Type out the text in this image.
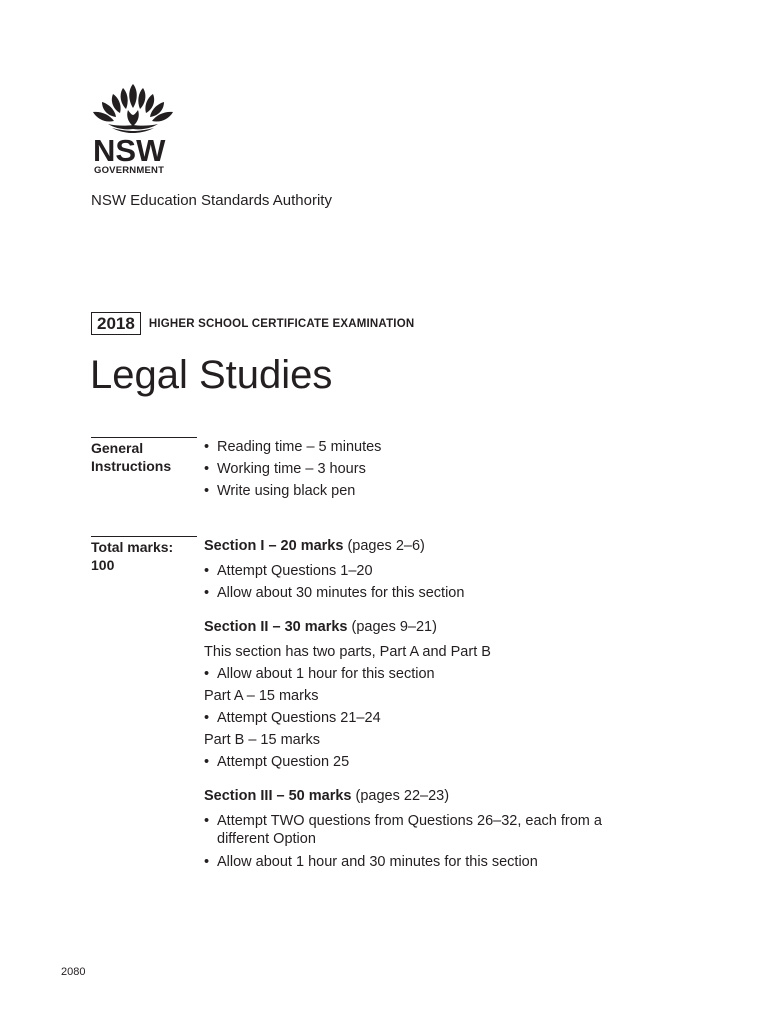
NSW
GOVERNMENT
NSW Education Standards Authority
2018	HIGHER SCHOOL CERTIFICATE EXAMINATION
Legal Studies
General
Instructions
• Reading time – 5 minutes
• Working time – 3 hours
• Write using black pen
Total marks:
100
Section I – 20 marks (pages 2–6)
• Attempt Questions 1–20
• Allow about 30 minutes for this section
Section II – 30 marks (pages 9–21)
This section has two parts, Part A and Part B
• Allow about 1 hour for this section
Part A – 15 marks
• Attempt Questions 21–24
Part B – 15 marks
• Attempt Question 25
Section III – 50 marks (pages 22–23)
• Attempt TWO questions from Questions 26–32, each from a
different Option
• Allow about 1 hour and 30 minutes for this section
2080
